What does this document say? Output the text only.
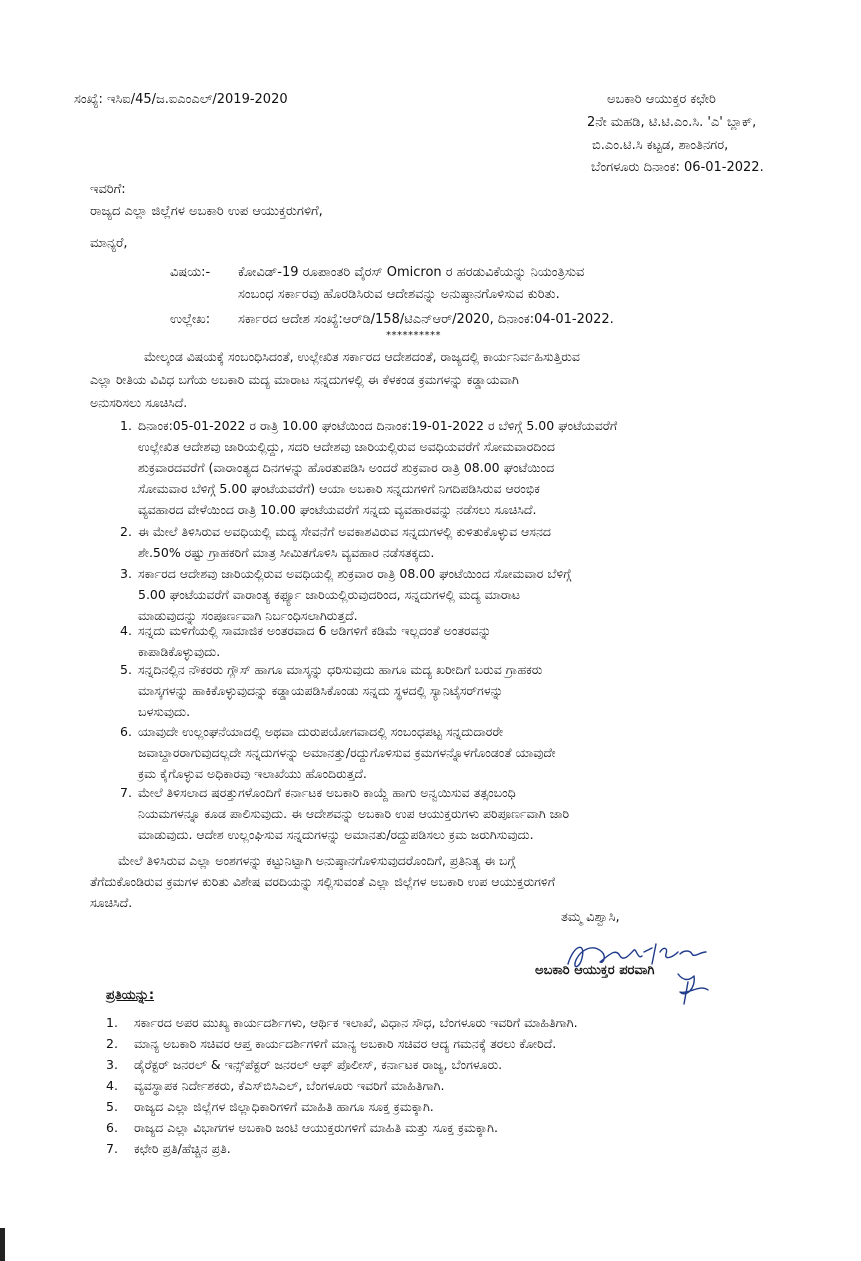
ಸಂಖ್ಯೆ: ಇಸಿಐ/45/ಜ.ಐಎಂಎಲ್/2019-2020	ಅಬಕಾರಿ ಆಯುಕ್ತರ ಕಛೇರಿ
2ನೇ ಮಹಡಿ, ಟಿ.ಟಿ.ಎಂ.ಸಿ. 'ಎ' ಬ್ಲಾಕ್,
ಬಿ.ಎಂ.ಟಿ.ಸಿ ಕಟ್ಟಡ, ಶಾಂತಿನಗರ,
ಬೆಂಗಳೂರು ದಿನಾಂಕ: 06-01-2022.
ಇವರಿಗೆ:
ರಾಜ್ಯದ ಎಲ್ಲಾ ಜಿಲ್ಲೆಗಳ ಅಬಕಾರಿ ಉಪ ಆಯುಕ್ತರುಗಳಿಗೆ,
ಮಾನ್ಯರೆ,
ವಿಷಯ:- ಕೋವಿಡ್-19 ರೂಪಾಂತರಿ ವೈರಸ್ Omicron ರ ಹರಡುವಿಕೆಯನ್ನು ನಿಯಂತ್ರಿಸುವ
ಸಂಬಂಧ ಸರ್ಕಾರವು ಹೊರಡಿಸಿರುವ ಆದೇಶವನ್ನು ಅನುಷ್ಠಾನಗೊಳಿಸುವ ಕುರಿತು.
ಉಲ್ಲೇಖ: ಸರ್ಕಾರದ ಆದೇಶ ಸಂಖ್ಯೆ:ಆರ್‌ಡಿ/158/ಟಿಎನ್‌ಆರ್/2020, ದಿನಾಂಕ:04-01-2022.
**********
ಮೇಲ್ಕಂಡ ವಿಷಯಕ್ಕೆ ಸಂಬಂಧಿಸಿದಂತೆ, ಉಲ್ಲೇಖಿತ ಸರ್ಕಾರದ ಆದೇಶದಂತೆ, ರಾಜ್ಯದಲ್ಲಿ ಕಾರ್ಯನಿರ್ವಹಿಸುತ್ತಿರುವ
ಎಲ್ಲಾ ರೀತಿಯ ವಿವಿಧ ಬಗೆಯ ಅಬಕಾರಿ ಮದ್ಯ ಮಾರಾಟ ಸನ್ನದುಗಳಲ್ಲಿ ಈ ಕೆಳಕಂಡ ಕ್ರಮಗಳನ್ನು ಕಡ್ಡಾಯವಾಗಿ
ಅನುಸರಿಸಲು ಸೂಚಿಸಿದೆ.
1. ದಿನಾಂಕ:05-01-2022 ರ ರಾತ್ರಿ 10.00 ಘಂಟೆಯಿಂದ ದಿನಾಂಕ:19-01-2022 ರ ಬೆಳಿಗ್ಗೆ 5.00 ಘಂಟೆಯವರೆಗೆ
ಉಲ್ಲೇಖಿತ ಆದೇಶವು ಜಾರಿಯಲ್ಲಿದ್ದು, ಸದರಿ ಆದೇಶವು ಜಾರಿಯಲ್ಲಿರುವ ಅವಧಿಯವರೆಗೆ ಸೋಮವಾರದಿಂದ
ಶುಕ್ರವಾರದವರೆಗೆ (ವಾರಾಂತ್ಯದ ದಿನಗಳನ್ನು ಹೊರತುಪಡಿಸಿ ಅಂದರೆ ಶುಕ್ರವಾರ ರಾತ್ರಿ 08.00 ಘಂಟೆಯಿಂದ
ಸೋಮವಾರ ಬೆಳಿಗ್ಗೆ 5.00 ಘಂಟೆಯವರೆಗೆ) ಆಯಾ ಅಬಕಾರಿ ಸನ್ನದುಗಳಿಗೆ ನಿಗದಿಪಡಿಸಿರುವ ಆರಂಭಿಕ
ವ್ಯವಹಾರದ ವೇಳೆಯಿಂದ ರಾತ್ರಿ 10.00 ಘಂಟೆಯವರೆಗೆ ಸನ್ನದು ವ್ಯವಹಾರವನ್ನು ನಡೆಸಲು ಸೂಚಿಸಿದೆ.
2. ಈ ಮೇಲೆ ತಿಳಿಸಿರುವ ಅವಧಿಯಲ್ಲಿ ಮದ್ಯ ಸೇವನೆಗೆ ಅವಕಾಶವಿರುವ ಸನ್ನದುಗಳಲ್ಲಿ ಕುಳಿತುಕೊಳ್ಳುವ ಆಸನದ
ಶೇ.50% ರಷ್ಟು ಗ್ರಾಹಕರಿಗೆ ಮಾತ್ರ ಸೀಮಿತಗೊಳಿಸಿ ವ್ಯವಹಾರ ನಡೆಸತಕ್ಕದು.
3. ಸರ್ಕಾರದ ಆದೇಶವು ಜಾರಿಯಲ್ಲಿರುವ ಅವಧಿಯಲ್ಲಿ ಶುಕ್ರವಾರ ರಾತ್ರಿ 08.00 ಘಂಟೆಯಿಂದ ಸೋಮವಾರ ಬೆಳಿಗ್ಗೆ
5.00 ಘಂಟೆಯವರೆಗೆ ವಾರಾಂತ್ಯ ಕರ್ಫ್ಯೂ ಜಾರಿಯಲ್ಲಿರುವುದರಿಂದ, ಸನ್ನದುಗಳಲ್ಲಿ ಮದ್ಯ ಮಾರಾಟ
ಮಾಡುವುದನ್ನು ಸಂಪೂರ್ಣವಾಗಿ ನಿರ್ಬಂಧಿಸಲಾಗಿರುತ್ತದೆ.
4. ಸನ್ನದು ಮಳಿಗೆಯಲ್ಲಿ ಸಾಮಾಜಿಕ ಅಂತರವಾದ 6 ಅಡಿಗಳಿಗೆ ಕಡಿಮೆ ಇಲ್ಲದಂತೆ ಅಂತರವನ್ನು
ಕಾಪಾಡಿಕೊಳ್ಳುವುದು.
5. ಸನ್ನದಿನಲ್ಲಿನ ನೌಕರರು ಗ್ಲೌಸ್ ಹಾಗೂ ಮಾಸ್ಕನ್ನು ಧರಿಸುವುದು ಹಾಗೂ ಮದ್ಯ ಖರೀದಿಗೆ ಬರುವ ಗ್ರಾಹಕರು
ಮಾಸ್ಕಗಳನ್ನು ಹಾಕಿಕೊಳ್ಳುವುದನ್ನು ಕಡ್ಡಾಯಪಡಿಸಿಕೊಂಡು ಸನ್ನದು ಸ್ಥಳದಲ್ಲಿ ಸ್ಯಾನಿಟೈಸರ್‌ಗಳನ್ನು
ಬಳಸುವುದು.
6. ಯಾವುದೇ ಉಲ್ಲಂಘನೆಯಾದಲ್ಲಿ ಅಥವಾ ದುರುಪಯೋಗವಾದಲ್ಲಿ ಸಂಬಂಧಪಟ್ಟ ಸನ್ನದುದಾರರೇ
ಜವಾಬ್ದಾರರಾಗುವುದಲ್ಲದೇ ಸನ್ನದುಗಳನ್ನು ಅಮಾನತ್ತು/ರದ್ದುಗೊಳಿಸುವ ಕ್ರಮಗಳನ್ನೊಳಗೊಂಡಂತೆ ಯಾವುದೇ
ಕ್ರಮ ಕೈಗೊಳ್ಳುವ ಅಧಿಕಾರವು ಇಲಾಖೆಯು ಹೊಂದಿರುತ್ತದೆ.
7. ಮೇಲೆ ತಿಳಿಸಲಾದ ಷರತ್ತುಗಳೊಂದಿಗೆ ಕರ್ನಾಟಕ ಅಬಕಾರಿ ಕಾಯ್ದೆ ಹಾಗು ಅನ್ವಯಿಸುವ ತತ್ಸಂಬಂಧಿ
ನಿಯಮಗಳನ್ನೂ ಕೂಡ ಪಾಲಿಸುವುದು. ಈ ಆದೇಶವನ್ನು ಅಬಕಾರಿ ಉಪ ಆಯುಕ್ತರುಗಳು ಪರಿಪೂರ್ಣವಾಗಿ ಜಾರಿ
ಮಾಡುವುದು. ಆದೇಶ ಉಲ್ಲಂಘಿಸುವ ಸನ್ನದುಗಳನ್ನು ಅಮಾನತು/ರದ್ದುಪಡಿಸಲು ಕ್ರಮ ಜರುಗಿಸುವುದು.
ಮೇಲೆ ತಿಳಿಸಿರುವ ಎಲ್ಲಾ ಅಂಶಗಳನ್ನು ಕಟ್ಟುನಿಟ್ಟಾಗಿ ಅನುಷ್ಠಾನಗೊಳಿಸುವುದರೊಂದಿಗೆ, ಪ್ರತಿನಿತ್ಯ ಈ ಬಗ್ಗೆ
ತೆಗೆದುಕೊಂಡಿರುವ ಕ್ರಮಗಳ ಕುರಿತು ವಿಶೇಷ ವರದಿಯನ್ನು ಸಲ್ಲಿಸುವಂತೆ ಎಲ್ಲಾ ಜಿಲ್ಲೆಗಳ ಅಬಕಾರಿ ಉಪ ಆಯುಕ್ತರುಗಳಿಗೆ
ಸೂಚಿಸಿದೆ.
ತಮ್ಮ ವಿಶ್ವಾಸಿ,
ಅಬಕಾರಿ ಆಯುಕ್ತರ ಪರವಾಗಿ
ಪ್ರತಿಯನ್ನು:
1. ಸರ್ಕಾರದ ಅಪರ ಮುಖ್ಯ ಕಾರ್ಯದರ್ಶಿಗಳು, ಆರ್ಥಿಕ ಇಲಾಖೆ, ವಿಧಾನ ಸೌಧ, ಬೆಂಗಳೂರು ಇವರಿಗೆ ಮಾಹಿತಿಗಾಗಿ.
2. ಮಾನ್ಯ ಅಬಕಾರಿ ಸಚಿವರ ಆಪ್ತ ಕಾರ್ಯದರ್ಶಿಗಳಿಗೆ ಮಾನ್ಯ ಅಬಕಾರಿ ಸಚಿವರ ಆದ್ಯ ಗಮನಕ್ಕೆ ತರಲು ಕೋರಿದೆ.
3. ಡೈರೆಕ್ಟರ್ ಜನರಲ್ & ಇನ್ಸ್‌ಪೆಕ್ಟರ್ ಜನರಲ್ ಆಫ್ ಪೊಲೀಸ್, ಕರ್ನಾಟಕ ರಾಜ್ಯ, ಬೆಂಗಳೂರು.
4. ವ್ಯವಸ್ಥಾಪಕ ನಿರ್ದೇಶಕರು, ಕೆಎಸ್‌ಬಿಸಿಎಲ್, ಬೆಂಗಳೂರು ಇವರಿಗೆ ಮಾಹಿತಿಗಾಗಿ.
5. ರಾಜ್ಯದ ಎಲ್ಲಾ ಜಿಲ್ಲೆಗಳ ಜಿಲ್ಲಾಧಿಕಾರಿಗಳಿಗೆ ಮಾಹಿತಿ ಹಾಗೂ ಸೂಕ್ತ ಕ್ರಮಕ್ಕಾಗಿ.
6. ರಾಜ್ಯದ ಎಲ್ಲಾ ವಿಭಾಗಗಳ ಅಬಕಾರಿ ಜಂಟಿ ಆಯುಕ್ತರುಗಳಿಗೆ ಮಾಹಿತಿ ಮತ್ತು ಸೂಕ್ತ ಕ್ರಮಕ್ಕಾಗಿ.
7. ಕಛೇರಿ ಪ್ರತಿ/ಹೆಚ್ಚಿನ ಪ್ರತಿ.
